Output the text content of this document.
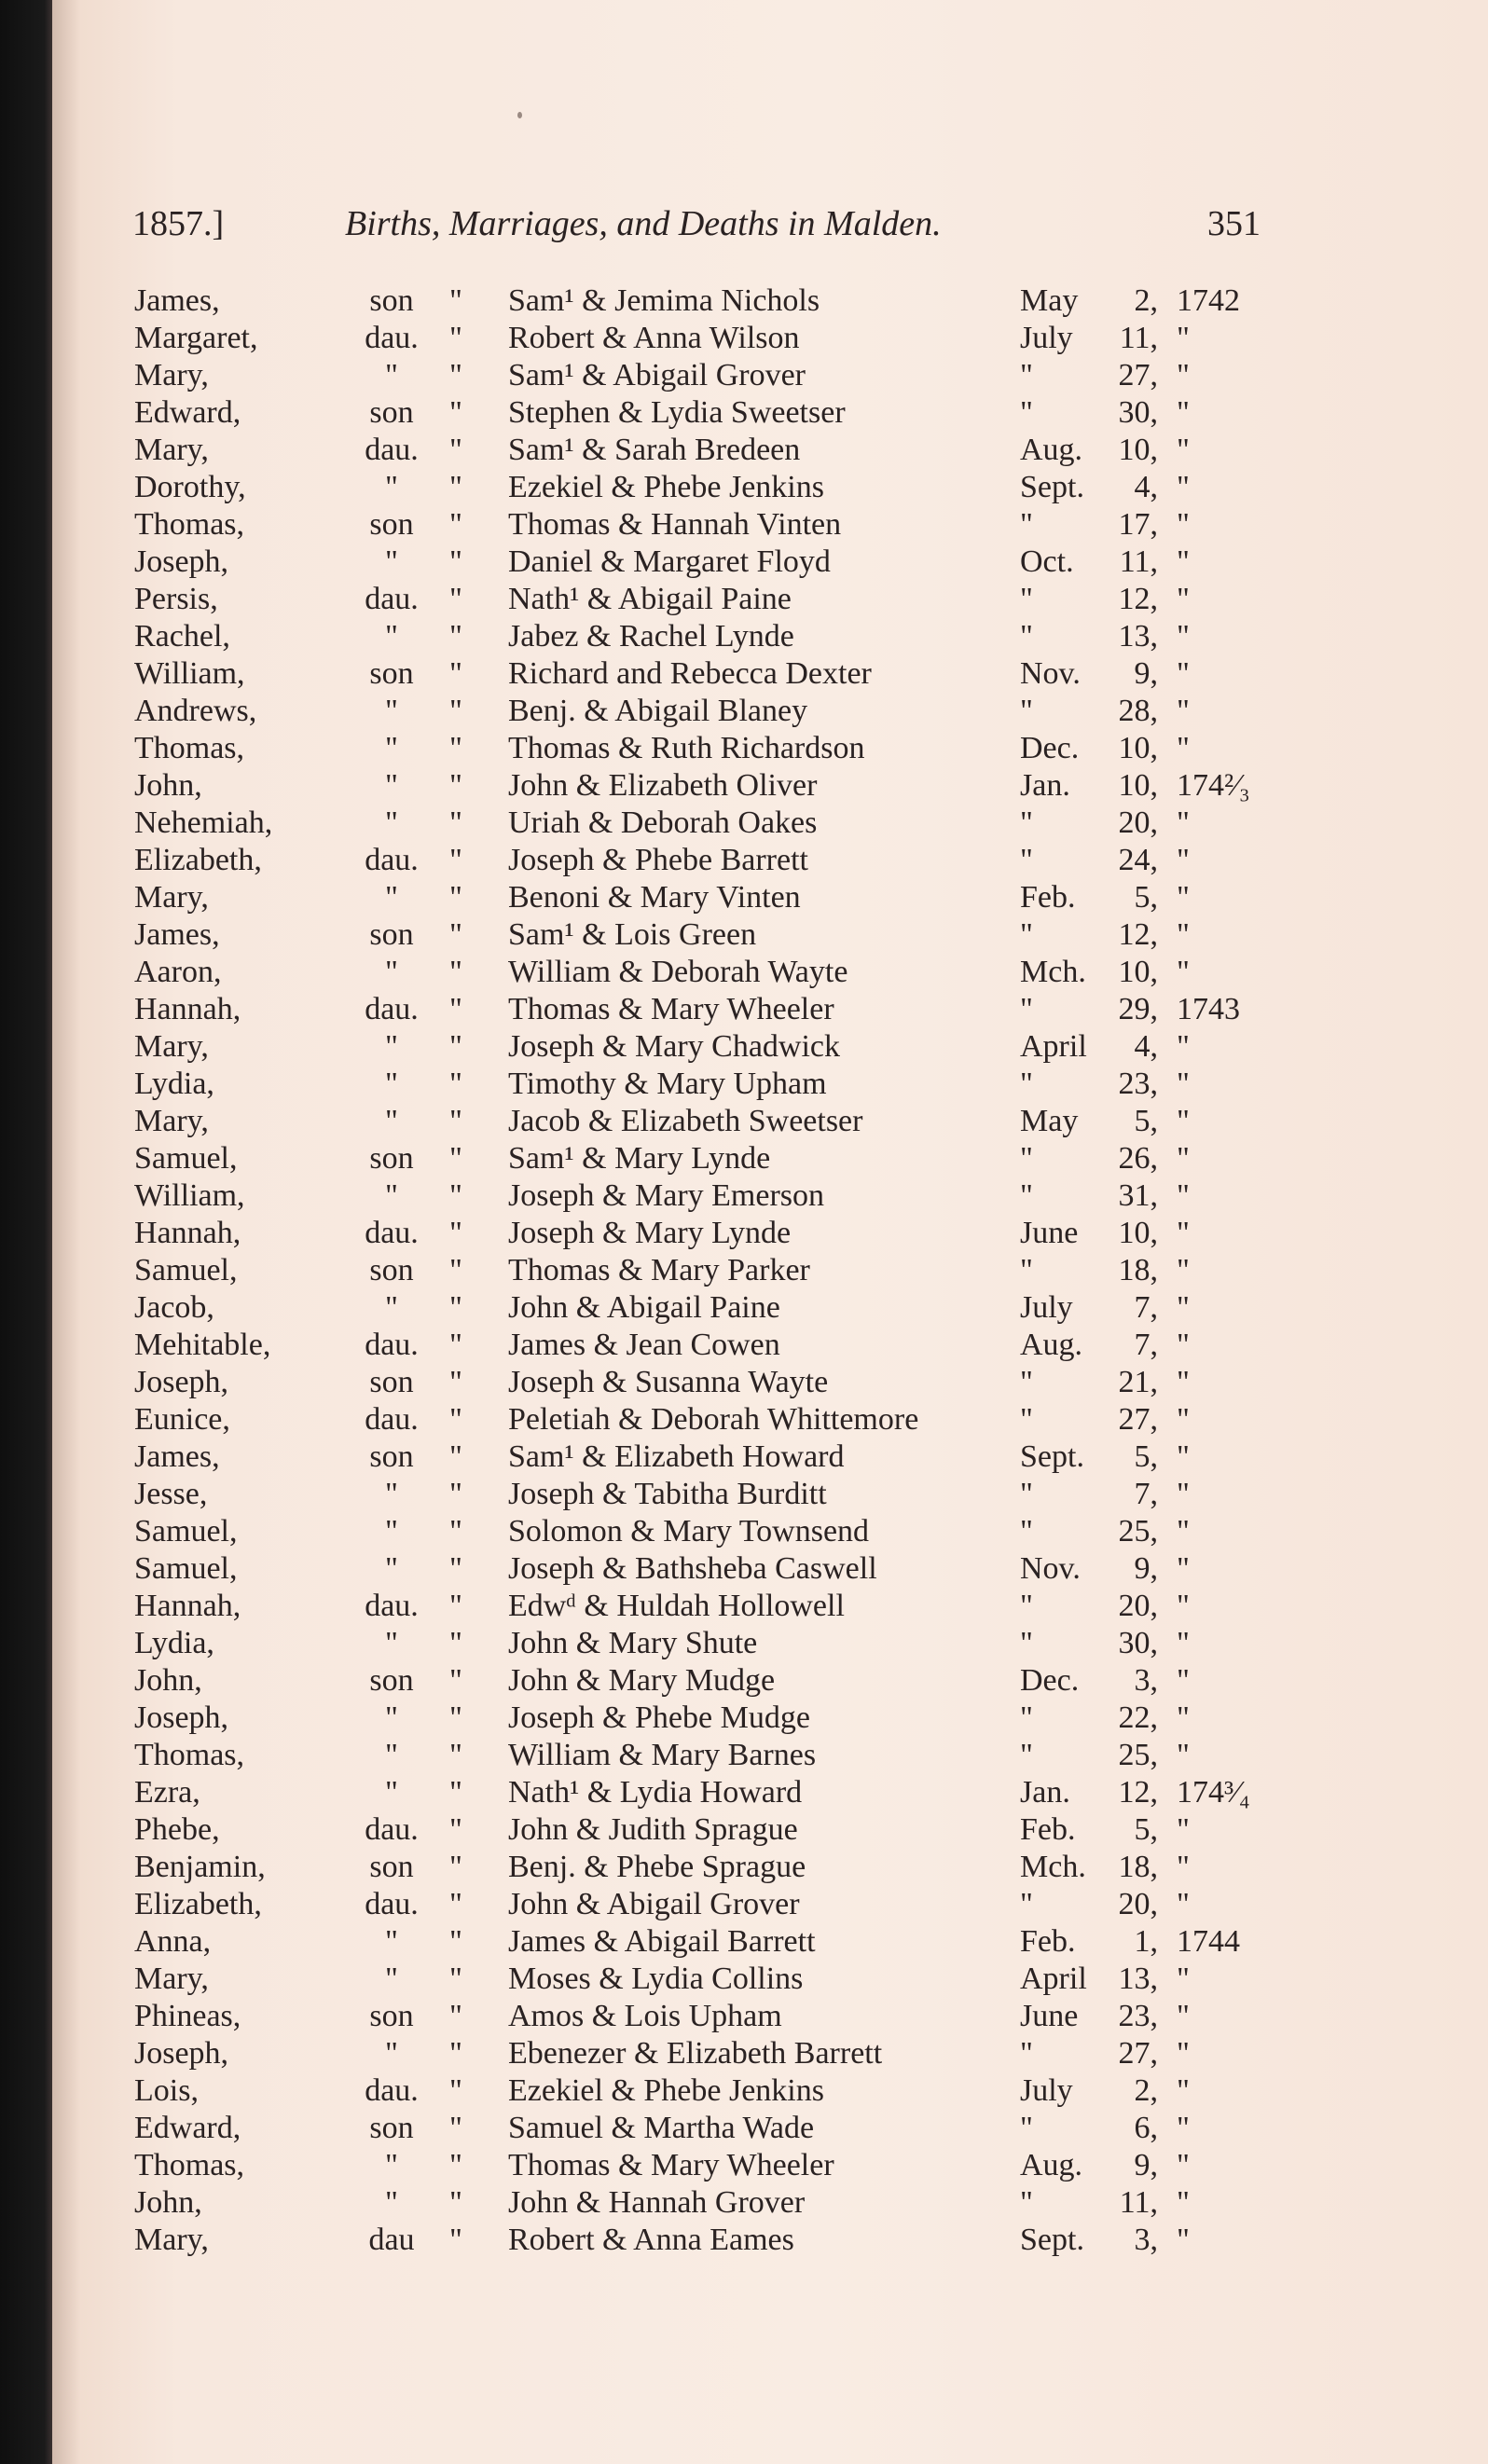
1857.]	Births, Marriages, and Deaths in Malden.	351
James,	son	" Sam¹ & Jemima Nichols	May	2, 1742
Margaret,	dau. " Robert & Anna Wilson	July	11, "
Mary,	"	" Sam¹ & Abigail Grover	"	27, "
Edward,	son	" Stephen & Lydia Sweetser	"	30, "
Mary,	dau. " Sam¹ & Sarah Bredeen	Aug.	10, "
Dorothy,	"	" Ezekiel & Phebe Jenkins	Sept.	4, "
Thomas,	son	" Thomas & Hannah Vinten	"	17, "
Joseph,	"	" Daniel & Margaret Floyd	Oct.	11, "
Persis,	dau. " Nath¹ & Abigail Paine	"	12, "
Rachel,	"	" Jabez & Rachel Lynde	"	13, "
William,	son	" Richard and Rebecca Dexter	Nov.	9, "
Andrews,	"	" Benj. & Abigail Blaney	"	28, "
Thomas,	"	" Thomas & Ruth Richardson	Dec.	10, "
John,	"	" John & Elizabeth Oliver	Jan.	10, 174²⁄₃
Nehemiah,	"	" Uriah & Deborah Oakes	"	20, "
Elizabeth,	dau. " Joseph & Phebe Barrett	"	24, "
Mary,	"	" Benoni & Mary Vinten	Feb.	5, "
James,	son	" Sam¹ & Lois Green	"	12, "
Aaron,	"	" William & Deborah Wayte	Mch.	10, "
Hannah,	dau. " Thomas & Mary Wheeler	"	29, 1743
Mary,	"	" Joseph & Mary Chadwick	April	4, "
Lydia,	"	" Timothy & Mary Upham	"	23, "
Mary,	"	" Jacob & Elizabeth Sweetser	May	5, "
Samuel,	son	" Sam¹ & Mary Lynde	"	26, "
William,	"	" Joseph & Mary Emerson	"	31, "
Hannah,	dau. " Joseph & Mary Lynde	June	10, "
Samuel,	son	" Thomas & Mary Parker	"	18, "
Jacob,	"	" John & Abigail Paine	July	7, "
Mehitable,	dau. " James & Jean Cowen	Aug.	7, "
Joseph,	son	" Joseph & Susanna Wayte	"	21, "
Eunice,	dau. " Peletiah & Deborah Whittemore	"	27, "
James,	son	" Sam¹ & Elizabeth Howard	Sept.	5, "
Jesse,	"	" Joseph & Tabitha Burditt	"	7, "
Samuel,	"	" Solomon & Mary Townsend	"	25, "
Samuel,	"	" Joseph & Bathsheba Caswell	Nov.	9, "
Hannah,	dau. " Edwᵈ & Huldah Hollowell	"	20, "
Lydia,	"	" John & Mary Shute	"	30, "
John,	son	" John & Mary Mudge	Dec.	3, "
Joseph,	"	" Joseph & Phebe Mudge	"	22, "
Thomas,	"	" William & Mary Barnes	"	25, "
Ezra,	"	" Nath¹ & Lydia Howard	Jan.	12, 174³⁄₄
Phebe,	dau. " John & Judith Sprague	Feb.	5, "
Benjamin,	son	" Benj. & Phebe Sprague	Mch.	18, "
Elizabeth,	dau. " John & Abigail Grover	"	20, "
Anna,	"	" James & Abigail Barrett	Feb.	1, 1744
Mary,	"	" Moses & Lydia Collins	April 13, "
Phineas,	son	" Amos & Lois Upham	June	23, "
Joseph,	"	" Ebenezer & Elizabeth Barrett	"	27, "
Lois,	dau. " Ezekiel & Phebe Jenkins	July	2, "
Edward,	son	" Samuel & Martha Wade	"	6, "
Thomas,	"	" Thomas & Mary Wheeler	Aug.	9, "
John,	"	" John & Hannah Grover	"	11, "
Mary,	dau	" Robert & Anna Eames	Sept.	3, "
